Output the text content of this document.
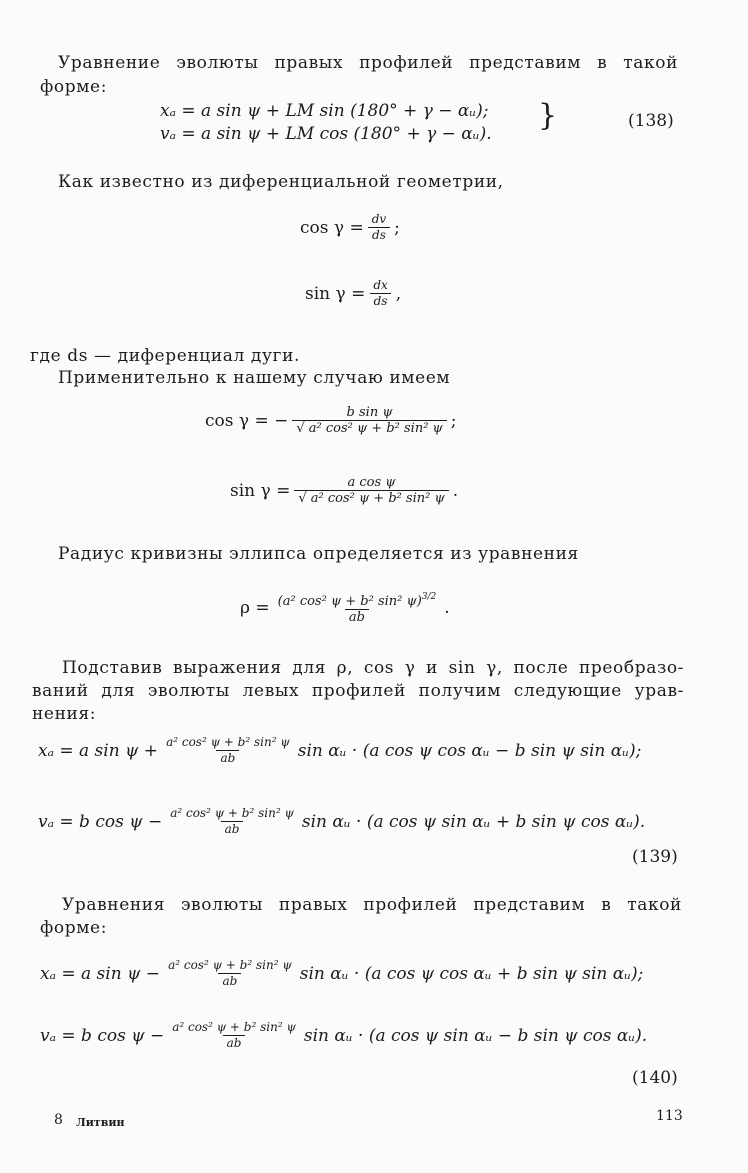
Уравнение эволюты правых профилей представим в такой
форме:
xₐ = a sin ψ + LM sin (180° + γ − αᵤ);
vₐ = a sin ψ + LM cos (180° + γ − αᵤ).
}	(138)
Как известно из диференциальной геометрии,
$\cos \gamma = \frac{dv}{ds}$ ;
$\sin \gamma = \frac{dx}{ds}$ ,
где ds — диференциал дуги.
Применительно к нашему случаю имеем
cos γ = − $\frac{\text{b sin ψ}}{\text{√ a² cos² ψ + b² sin² ψ}}$ ;
$\sin \gamma = \frac{\text{a cos ψ}}{\text{√ a² cos² ψ + b² sin² ψ}}$ .
Радиус кривизны эллипса определяется из уравнения
$\rho = \frac{(a^2 \cos^2 \psi + b^2 \sin^2 \psi)^{3/2}}{ab}$ .
Подставив выражения для ρ, cos γ и sin γ, после преобразо-
ваний для эволюты левых профилей получим следующие урав-
нения:
xₐ = a $\sin \psi + \frac{\text{a² cos² ψ + b² sin² ψ}}{ab}$ sin αᵤ · (a cos ψ cos αᵤ − b sin ψ sin αᵤ);
vₐ = b $\cos \psi - \frac{\text{a² cos² ψ + b² sin² ψ}}{ab}$ sin αᵤ · (a cos ψ sin αᵤ + b sin ψ cos αᵤ).
(139)
Уравнения эволюты правых профилей представим в такой
форме:
xₐ = a $\sin \psi - \frac{\text{a² cos² ψ + b² sin² ψ}}{ab}$ sin αᵤ · (a cos ψ cos αᵤ + b sin ψ sin αᵤ);
vₐ = b $\cos \psi - \frac{\text{a² cos² ψ + b² sin² ψ}}{ab}$ sin αᵤ · (a cos ψ sin αᵤ − b sin ψ cos αᵤ).
(140)
8 Литвин	113
